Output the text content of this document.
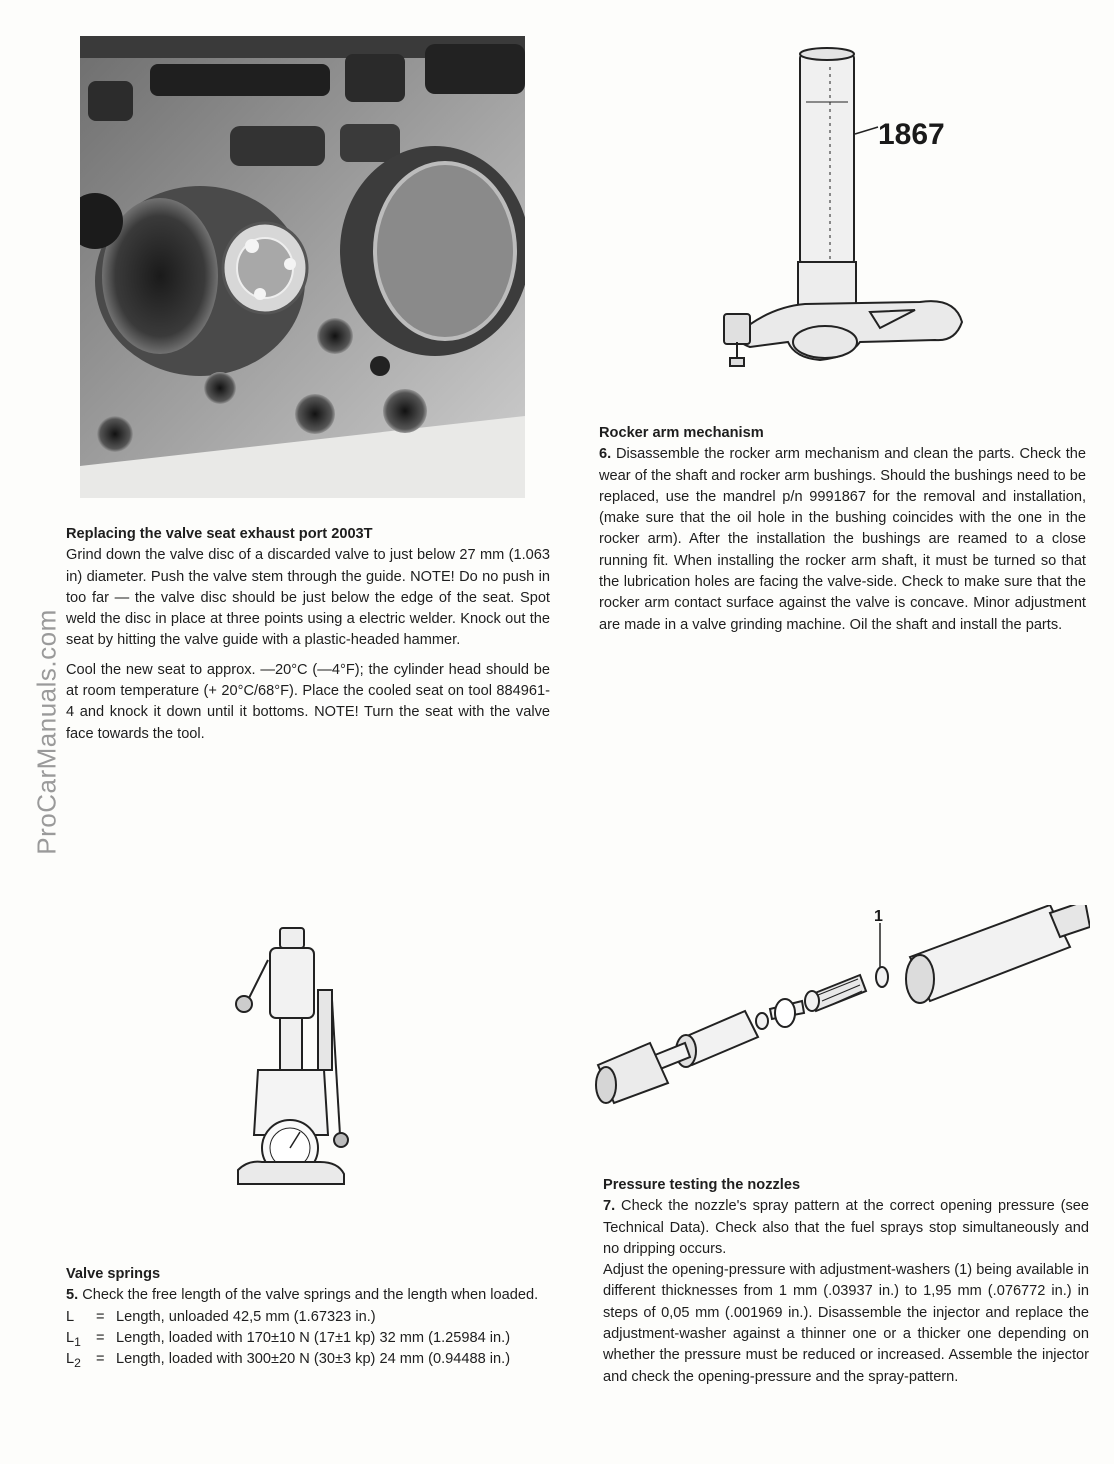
ProCarManuals.com
1867
1
Replacing the valve seat exhaust port 2003T

Grind down the valve disc of a discarded valve to just below 27 mm (1.063 in) diameter. Push the valve stem through the guide. NOTE! Do no push in too far — the valve disc should be just below the edge of the seat. Spot weld the disc in place at three points using a electric welder. Knock out the seat by hitting the valve guide with a plastic-headed hammer.

Cool the new seat to approx. —20°C (—4°F); the cylinder head should be at room temperature (+ 20°C/68°F). Place the cooled seat on tool 884961-4 and knock it down until it bottoms. NOTE! Turn the seat with the valve face towards the tool.

Rocker arm mechanism

6. Disassemble the rocker arm mechanism and clean the parts. Check the wear of the shaft and rocker arm bushings. Should the bushings need to be replaced, use the mandrel p/n 9991867 for the removal and installation, (make sure that the oil hole in the bushing coincides with the one in the rocker arm). After the installation the bushings are reamed to a close running fit. When installing the rocker arm shaft, it must be turned so that the lubrication holes are facing the valve-side. Check to make sure that the rocker arm contact surface against the valve is concave. Minor adjustment are made in a valve grinding machine. Oil the shaft and install the parts.

Valve springs

5. Check the free length of the valve springs and the length when loaded.

L = Length, unloaded 42,5 mm (1.67323 in.)
$L_1$ = Length, loaded with 170±10 N (17±1 kp) 32 mm (1.25984 in.)
$L_2$ = Length, loaded with 300±20 N (30±3 kp) 24 mm (0.94488 in.)
Pressure testing the nozzles

7. Check the nozzle's spray pattern at the correct opening pressure (see Technical Data). Check also that the fuel sprays stop simultaneously and no dripping occurs.

Adjust the opening-pressure with adjustment-washers (1) being available in different thicknesses from 1 mm (.03937 in.) to 1,95 mm (.076772 in.) in steps of 0,05 mm (.001969 in.). Disassemble the injector and replace the adjustment-washer against a thinner one or a thicker one depending on whether the pressure must be reduced or increased. Assemble the injector and check the opening-pressure and the spray-pattern.
